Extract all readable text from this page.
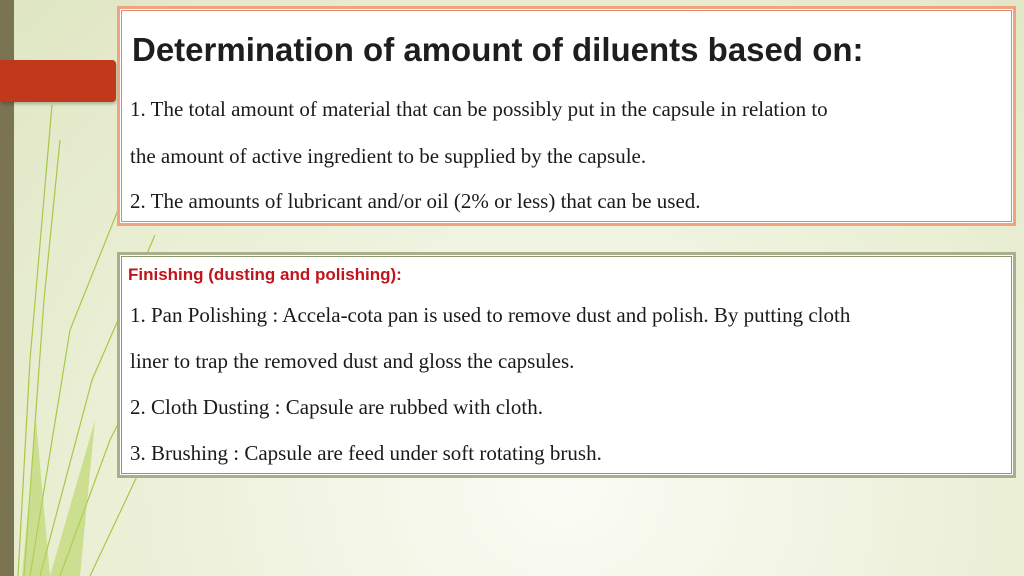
Determination of amount of diluents based on:

1. The total amount of material that can be possibly put in the capsule in relation to

the amount of active ingredient to be supplied by the capsule.

2. The amounts of lubricant and/or oil (2% or less) that can be used.

Finishing (dusting and polishing):

1. Pan Polishing : Accela-cota pan is used to remove dust and polish. By putting cloth

liner to trap the removed dust and gloss the capsules.

2. Cloth Dusting : Capsule are rubbed with cloth.

3. Brushing : Capsule are feed under soft rotating brush.
